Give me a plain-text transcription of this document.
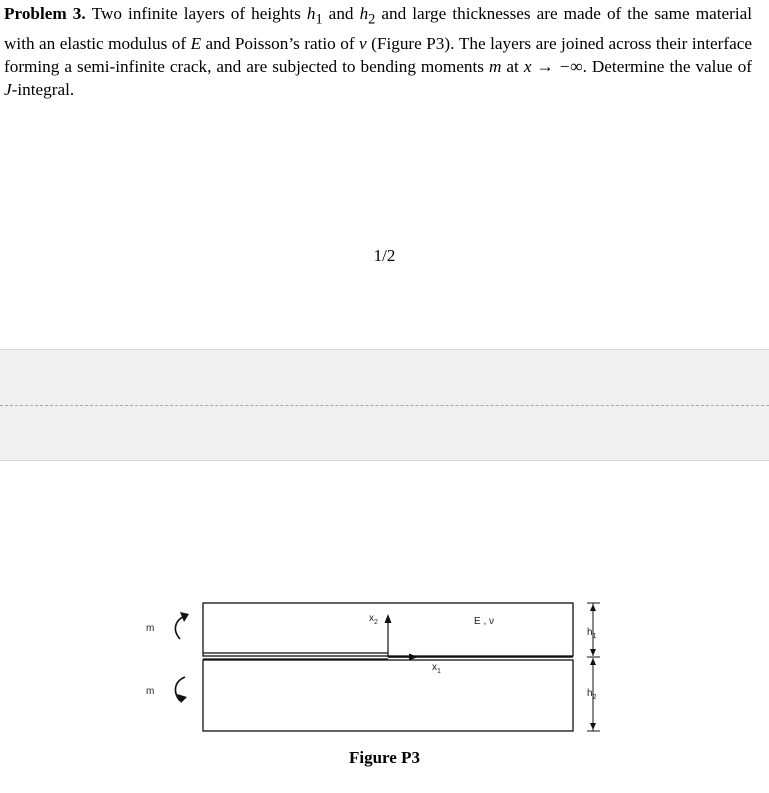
Problem 3. Two infinite layers of heights $h_1$ and $h_2$ and large thicknesses are made of the same material with an elastic modulus of E and Poisson’s ratio of ν (Figure P3). The layers are joined across their interface forming a semi-infinite crack, and are subjected to bending moments m at x → −∞. Determine the value of J-integral.

1/2
$x_2$
$x_1$
E , ν
m
m
$h_1$
$h_2$
Figure P3
